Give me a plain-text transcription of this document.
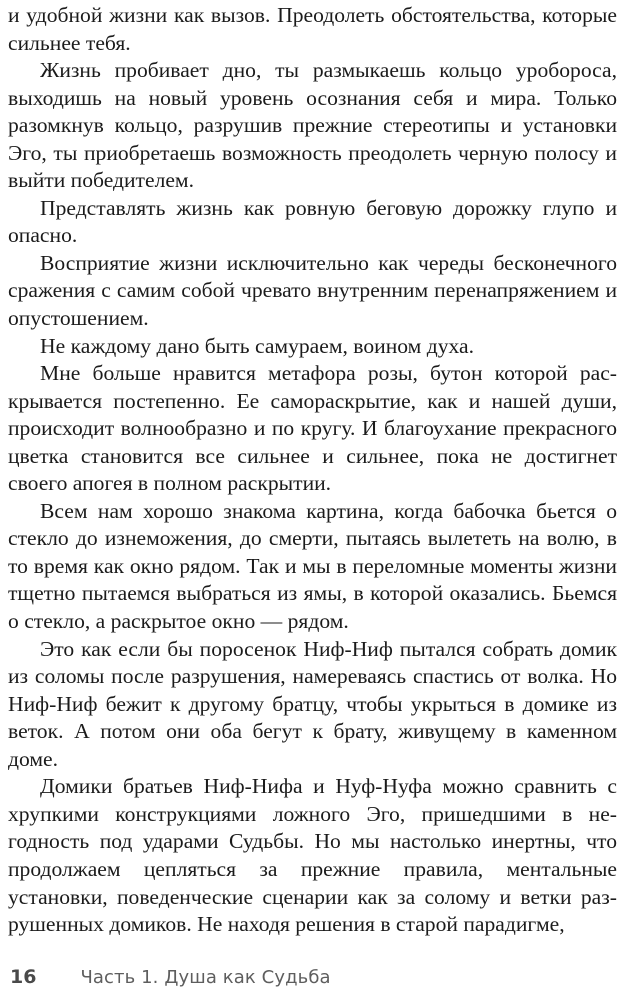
и удобной жизни как вызов. Преодолеть обстоятельства, которые сильнее тебя.

Жизнь пробивает дно, ты размыкаешь кольцо уробороса, выходишь на новый уровень осознания себя и мира. Только разомкнув кольцо, разрушив прежние стереотипы и установки Эго, ты приобретаешь возможность преодолеть черную полосу и выйти победителем.

Представлять жизнь как ровную беговую дорожку глупо и опасно.

Восприятие жизни исключительно как череды бесконечного сражения с самим собой чревато внутренним перенапряжением и опустошением.

Не каждому дано быть самураем, воином духа.

Мне больше нравится метафора розы, бутон которой раскрывается постепенно. Ее самораскрытие, как и нашей души, происходит волнообразно и по кругу. И благоухание прекрасного цветка становится все сильнее и сильнее, пока не достигнет своего апогея в полном раскрытии.

Всем нам хорошо знакома картина, когда бабочка бьется о стекло до изнеможения, до смерти, пытаясь вылететь на волю, в то время как окно рядом. Так и мы в переломные моменты жизни тщетно пытаемся выбраться из ямы, в которой оказались. Бьемся о стекло, а раскрытое окно — рядом.

Это как если бы поросенок Ниф-Ниф пытался собрать домик из соломы после разрушения, намереваясь спастись от волка. Но Ниф-Ниф бежит к другому братцу, чтобы укрыться в домике из веток. А потом они оба бегут к брату, живущему в каменном доме.

Домики братьев Ниф-Нифа и Нуф-Нуфа можно сравнить с хрупкими конструкциями ложного Эго, пришедшими в негодность под ударами Судьбы. Но мы настолько инертны, что продолжаем цепляться за прежние правила, ментальные установки, поведенческие сценарии как за солому и ветки разрушенных домиков. Не находя решения в старой парадигме,

16 Часть 1. Душа как Судьба
